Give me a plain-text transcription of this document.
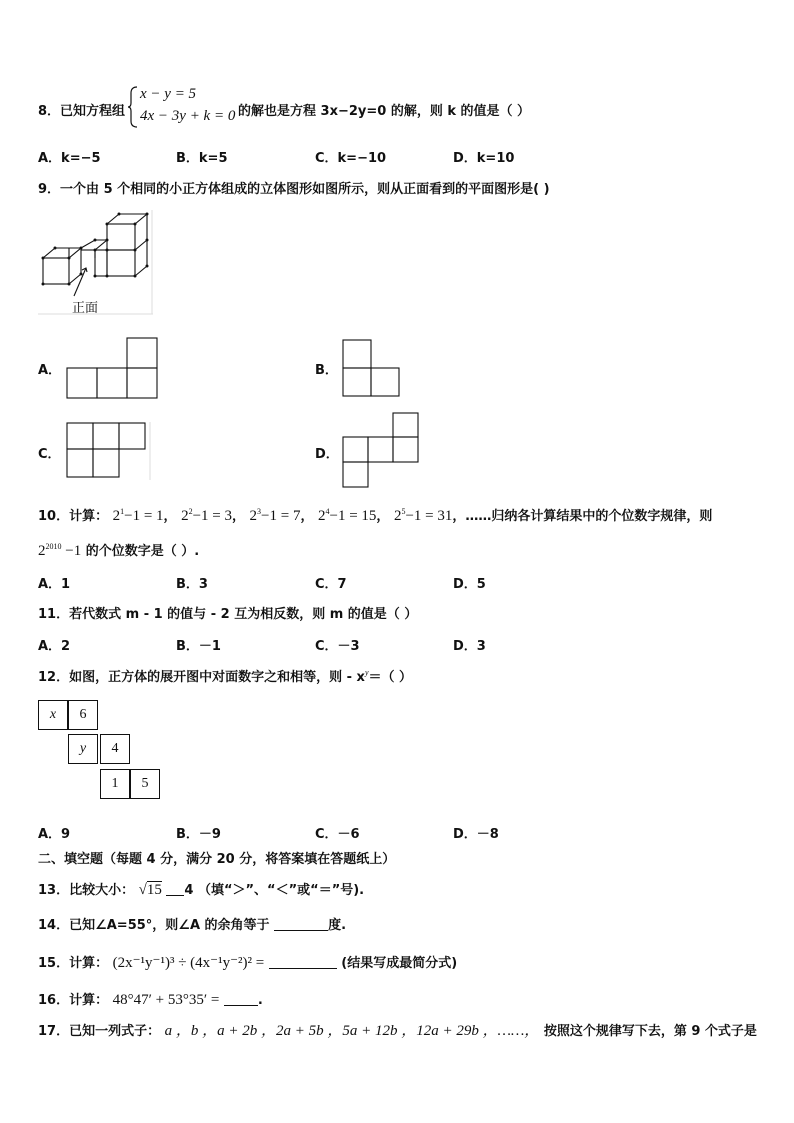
8．已知方程组
x − y = 5
4x − 3y + k = 0 的解也是方程 3x−2y=0 的解，则 k 的值是（ ）
A．k=−5	B．k=5	C．k=−10	D．k=10
9．一个由 5 个相同的小正方体组成的立体图形如图所示，则从正面看到的平面图形是( )
正面
A．	B．
C．	D．
10．计算： $2^1-1 = 1$， $2^2-1 = 3$， $2^3-1 = 7$， $2^4-1 = 15$， $2^5-1 = 31$，……归纳各计算结果中的个位数字规律，则
$2^{2010} -1$ 的个位数字是（ ）.
A．1	B．3	C．7	D．5
11．若代数式 m - 1 的值与 - 2 互为相反数，则 m 的值是（ ）
A．2	B．－1	C．－3	D．3
12．如图，正方体的展开图中对面数字之和相等，则 - $x^y=$（ ）
x	6
y	4
1	5
A．9	B．－9	C．－6	D．－8
二、填空题（每题 4 分，满分 20 分，将答案填在答题纸上）
13．比较大小： √15 4 （填“＞”、“＜”或“＝”号).
14．已知∠A=55°，则∠A 的余角等于	度.
15．计算： (2x⁻¹y⁻¹)³ ÷ (4x⁻¹y⁻²)² =	(结果写成最简分式)
16．计算： 48°47′ + 53°35′ =	.
17．已知一列式子： a ，b ，a + 2b ，2a + 5b ，5a + 12b ，12a + 29b ，……， 按照这个规律写下去，第 9 个式子是
